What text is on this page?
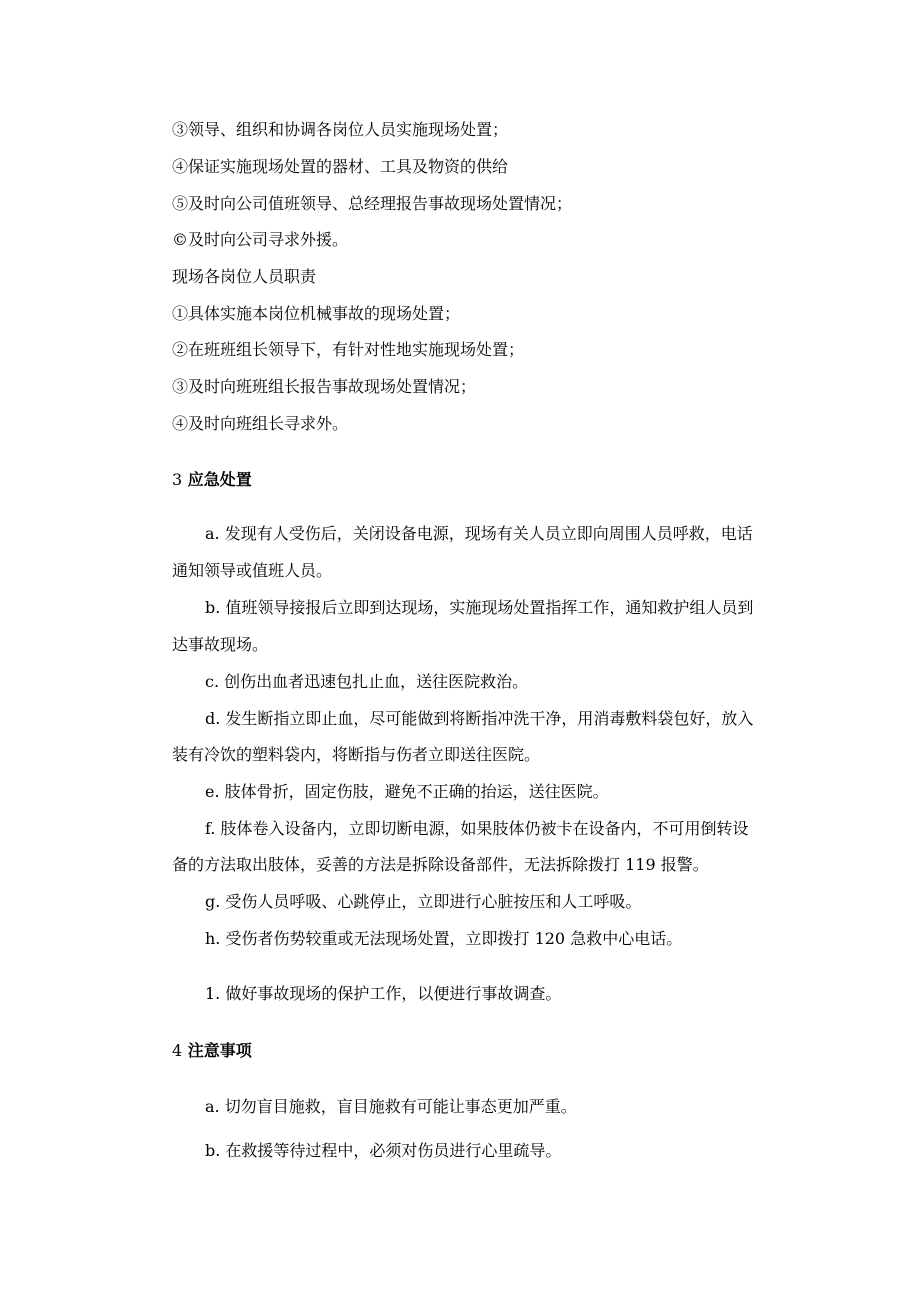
③领导、组织和协调各岗位人员实施现场处置；
④保证实施现场处置的器材、工具及物资的供给
⑤及时向公司值班领导、总经理报告事故现场处置情况；
©及时向公司寻求外援。
现场各岗位人员职责
①具体实施本岗位机械事故的现场处置；
②在班班组长领导下，有针对性地实施现场处置；
③及时向班班组长报告事故现场处置情况；
④及时向班组长寻求外。
3 应急处置
a. 发现有人受伤后，关闭设备电源，现场有关人员立即向周围人员呼救，电话
通知领导或值班人员。
b. 值班领导接报后立即到达现场，实施现场处置指挥工作，通知救护组人员到
达事故现场。
c. 创伤出血者迅速包扎止血，送往医院救治。
d. 发生断指立即止血，尽可能做到将断指冲洗干净，用消毒敷料袋包好，放入
装有冷饮的塑料袋内，将断指与伤者立即送往医院。
e. 肢体骨折，固定伤肢，避免不正确的抬运，送往医院。
f. 肢体卷入设备内，立即切断电源，如果肢体仍被卡在设备内，不可用倒转设
备的方法取出肢体，妥善的方法是拆除设备部件，无法拆除拨打 119 报警。
g. 受伤人员呼吸、心跳停止，立即进行心脏按压和人工呼吸。
h. 受伤者伤势较重或无法现场处置，立即拨打 120 急救中心电话。
1. 做好事故现场的保护工作，以便进行事故调查。
4 注意事项
a. 切勿盲目施救，盲目施救有可能让事态更加严重。
b. 在救援等待过程中，必须对伤员进行心里疏导。
